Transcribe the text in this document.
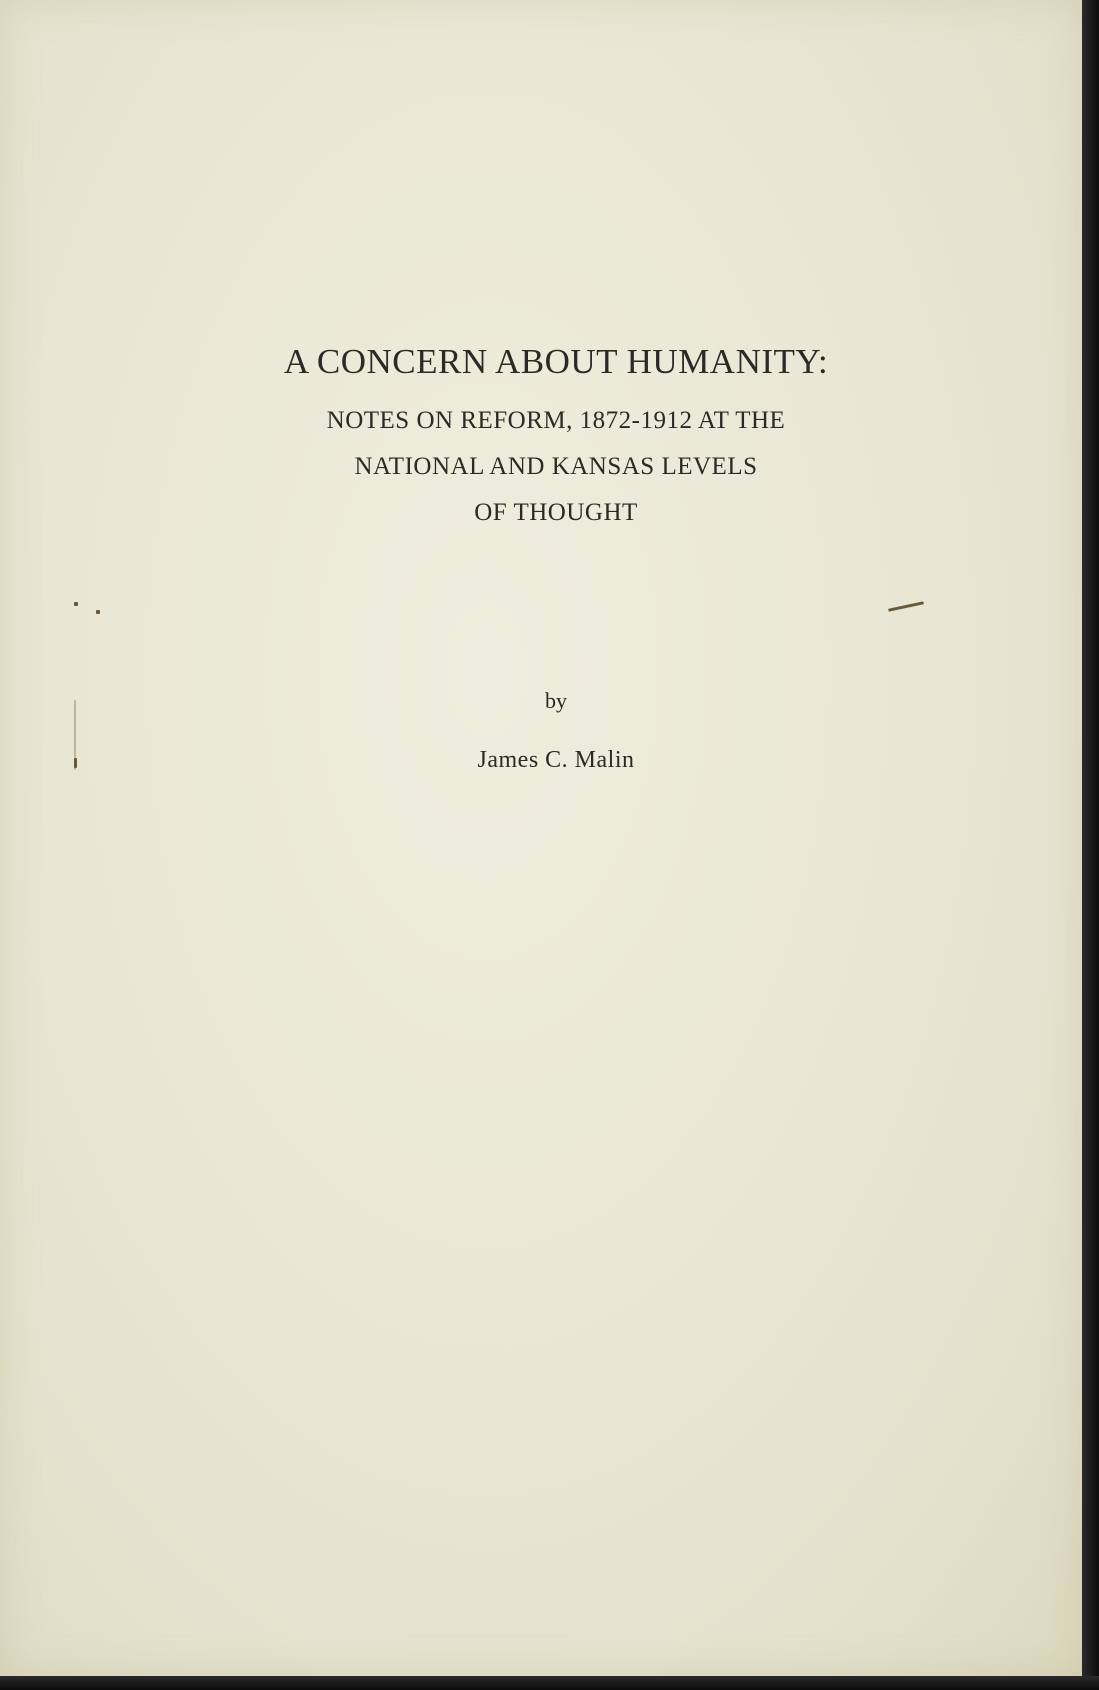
A CONCERN ABOUT HUMANITY:
NOTES ON REFORM, 1872-1912 AT THE
NATIONAL AND KANSAS LEVELS
OF THOUGHT
by
James C. Malin
